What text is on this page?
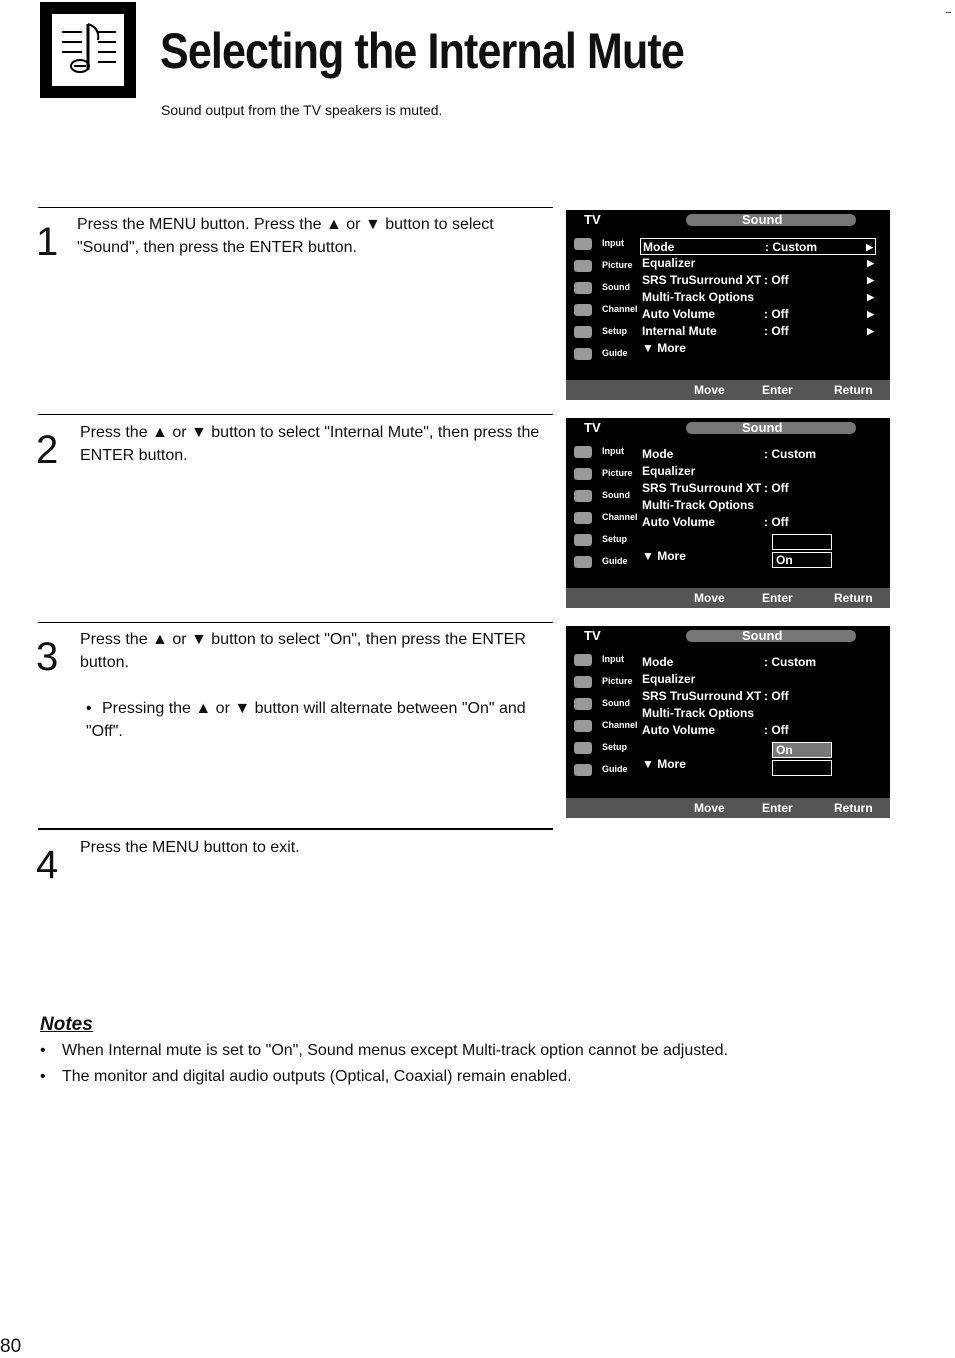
Selecting the Internal Mute
Sound output from the TV speakers is muted.
1 Press the MENU button. Press the ▲ or ▼ button to select "Sound", then press the ENTER button.
TV	Sound
Input
Picture
Sound
Channel
Setup
Guide
Mode	: Custom	▶
Equalizer	▶
SRS TruSurround XT : Off	▶
Multi-Track Options	▶
Auto Volume	: Off	▶
Internal Mute	: Off	▶
▼ More
Move	Enter	Return
2 Press the ▲ or ▼ button to select "Internal Mute", then press the ENTER button.
TV	Sound
Input
Picture
Sound
Channel
Setup
Guide
Mode	: Custom
Equalizer
SRS TruSurround XT : Off
Multi-Track Options
Auto Volume	: Off
▼ More	On
Move	Enter	Return
3 Press the ▲ or ▼ button to select "On", then press the ENTER button.
• Pressing the ▲ or ▼ button will alternate between "On" and "Off".
TV	Sound
Input
Picture
Sound
Channel
Setup
Guide
Mode	: Custom
Equalizer
SRS TruSurround XT : Off
Multi-Track Options
Auto Volume	: Off
▼ More
On
Move	Enter	Return
4 Press the MENU button to exit.
Notes
• When Internal mute is set to "On", Sound menus except Multi-track option cannot be adjusted.
• The monitor and digital audio outputs (Optical, Coaxial) remain enabled.
80
